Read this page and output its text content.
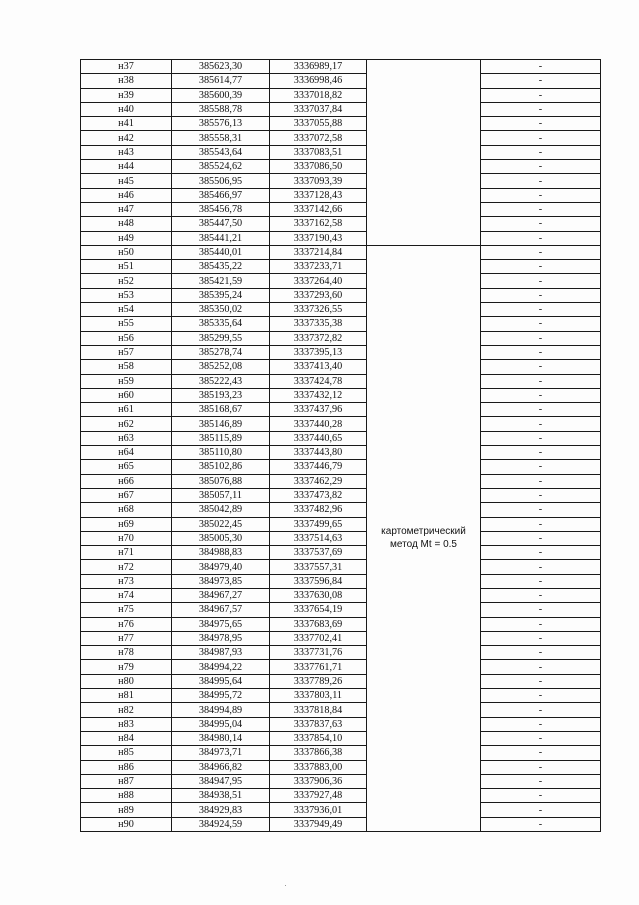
н37	385623,30	3336989,17		-
н38	385614,77	3336998,46		-
н39	385600,39	3337018,82		-
н40	385588,78	3337037,84		-
н41	385576,13	3337055,88		-
н42	385558,31	3337072,58		-
н43	385543,64	3337083,51		-
н44	385524,62	3337086,50		-
н45	385506,95	3337093,39		-
н46	385466,97	3337128,43		-
н47	385456,78	3337142,66		-
н48	385447,50	3337162,58		-
н49	385441,21	3337190,43		-
н50	385440,01	3337214,84	картометрический метод Mt = 0.5	-
н51	385435,22	3337233,71		-
н52	385421,59	3337264,40		-
н53	385395,24	3337293,60		-
н54	385350,02	3337326,55		-
н55	385335,64	3337335,38		-
н56	385299,55	3337372,82		-
н57	385278,74	3337395,13		-
н58	385252,08	3337413,40		-
н59	385222,43	3337424,78		-
н60	385193,23	3337432,12		-
н61	385168,67	3337437,96		-
н62	385146,89	3337440,28		-
н63	385115,89	3337440,65		-
н64	385110,80	3337443,80		-
н65	385102,86	3337446,79		-
н66	385076,88	3337462,29		-
н67	385057,11	3337473,82		-
н68	385042,89	3337482,96		-
н69	385022,45	3337499,65		-
н70	385005,30	3337514,63		-
н71	384988,83	3337537,69		-
н72	384979,40	3337557,31		-
н73	384973,85	3337596,84		-
н74	384967,27	3337630,08		-
н75	384967,57	3337654,19		-
н76	384975,65	3337683,69		-
н77	384978,95	3337702,41		-
н78	384987,93	3337731,76		-
н79	384994,22	3337761,71		-
н80	384995,64	3337789,26		-
н81	384995,72	3337803,11		-
н82	384994,89	3337818,84		-
н83	384995,04	3337837,63		-
н84	384980,14	3337854,10		-
н85	384973,71	3337866,38		-
н86	384966,82	3337883,00		-
н87	384947,95	3337906,36		-
н88	384938,51	3337927,48		-
н89	384929,83	3337936,01		-
н90	384924,59	3337949,49		-
